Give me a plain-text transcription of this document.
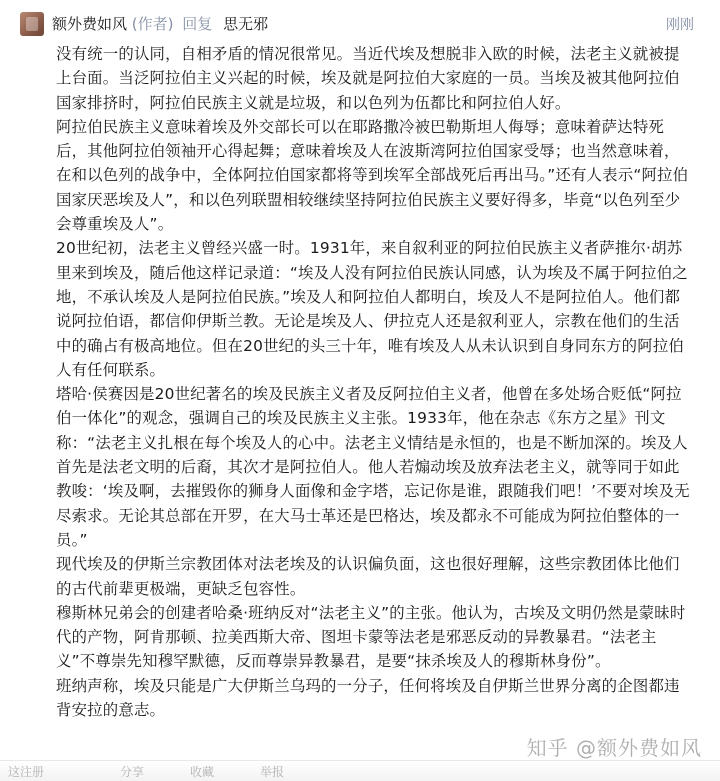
额外费如风 (作者) 回复 思无邪	刚刚

没有统一的认同，自相矛盾的情况很常见。当近代埃及想脱非入欧的时候，法老主义就被提上台面。当泛阿拉伯主义兴起的时候，埃及就是阿拉伯大家庭的一员。当埃及被其他阿拉伯国家排挤时，阿拉伯民族主义就是垃圾，和以色列为伍都比和阿拉伯人好。

阿拉伯民族主义意味着埃及外交部长可以在耶路撒冷被巴勒斯坦人侮辱；意味着萨达特死后，其他阿拉伯领袖开心得起舞；意味着埃及人在波斯湾阿拉伯国家受辱；也当然意味着，在和以色列的战争中，全体阿拉伯国家都将等到埃军全部战死后再出马。”还有人表示“阿拉伯国家厌恶埃及人”，和以色列联盟相较继续坚持阿拉伯民族主义要好得多，毕竟“以色列至少会尊重埃及人”。

20世纪初，法老主义曾经兴盛一时。1931年，来自叙利亚的阿拉伯民族主义者萨推尔·胡苏里来到埃及，随后他这样记录道：“埃及人没有阿拉伯民族认同感，认为埃及不属于阿拉伯之地，不承认埃及人是阿拉伯民族。”埃及人和阿拉伯人都明白，埃及人不是阿拉伯人。他们都说阿拉伯语，都信仰伊斯兰教。无论是埃及人、伊拉克人还是叙利亚人，宗教在他们的生活中的确占有极高地位。但在20世纪的头三十年，唯有埃及人从未认识到自身同东方的阿拉伯人有任何联系。

塔哈·侯赛因是20世纪著名的埃及民族主义者及反阿拉伯主义者，他曾在多处场合贬低“阿拉伯一体化”的观念，强调自己的埃及民族主义主张。1933年，他在杂志《东方之星》刊文称：“法老主义扎根在每个埃及人的心中。法老主义情结是永恒的，也是不断加深的。埃及人首先是法老文明的后裔，其次才是阿拉伯人。他人若煽动埃及放弃法老主义，就等同于如此教唆：‘埃及啊，去摧毁你的狮身人面像和金字塔，忘记你是谁，跟随我们吧！’不要对埃及无尽索求。无论其总部在开罗，在大马士革还是巴格达，埃及都永不可能成为阿拉伯整体的一员。”

现代埃及的伊斯兰宗教团体对法老埃及的认识偏负面，这也很好理解，这些宗教团体比他们的古代前辈更极端，更缺乏包容性。

穆斯林兄弟会的创建者哈桑·班纳反对“法老主义”的主张。他认为，古埃及文明仍然是蒙昧时代的产物，阿肯那顿、拉美西斯大帝、图坦卡蒙等法老是邪恶反动的异教暴君。“法老主义”不尊崇先知穆罕默德，反而尊崇异教暴君，是要“抹杀埃及人的穆斯林身份”。

班纳声称，埃及只能是广大伊斯兰乌玛的一分子，任何将埃及自伊斯兰世界分离的企图都违背安拉的意志。

知乎 @额外费如风
这注册	分享	收藏	举报
